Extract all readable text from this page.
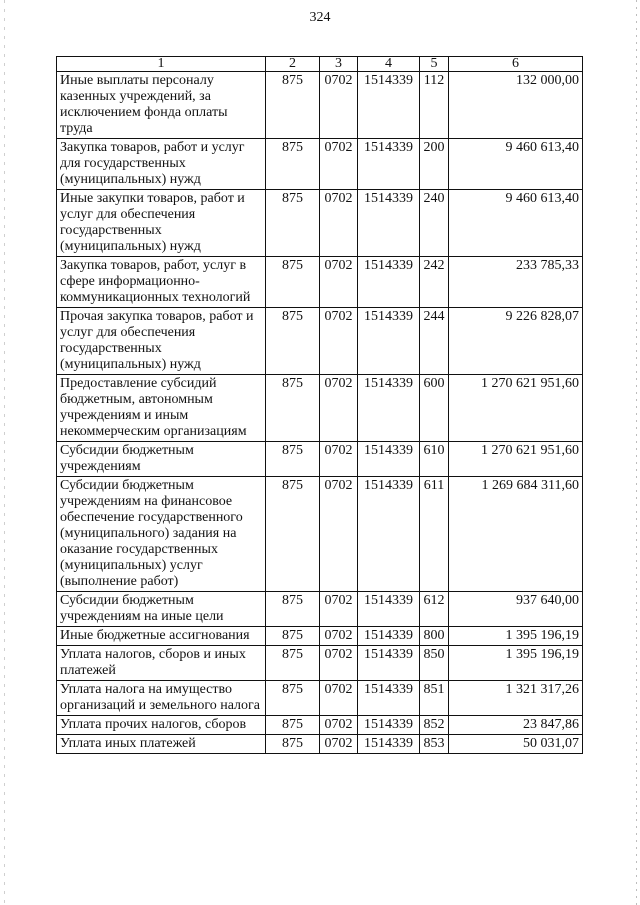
324
1	2	3	4	5	6
Иные выплаты персоналу казенных учреждений, за исключением фонда оплаты труда	875	0702	1514339	112	132 000,00
Закупка товаров, работ и услуг для государственных (муниципальных) нужд	875	0702	1514339	200	9 460 613,40
Иные закупки товаров, работ и услуг для обеспечения государственных (муниципальных) нужд	875	0702	1514339	240	9 460 613,40
Закупка товаров, работ, услуг в сфере информационно-коммуникационных технологий	875	0702	1514339	242	233 785,33
Прочая закупка товаров, работ и услуг для обеспечения государственных (муниципальных) нужд	875	0702	1514339	244	9 226 828,07
Предоставление субсидий бюджетным, автономным учреждениям и иным некоммерческим организациям	875	0702	1514339	600	1 270 621 951,60
Субсидии бюджетным учреждениям	875	0702	1514339	610	1 270 621 951,60
Субсидии бюджетным учреждениям на финансовое обеспечение государственного (муниципального) задания на оказание государственных (муниципальных) услуг (выполнение работ)	875	0702	1514339	611	1 269 684 311,60
Субсидии бюджетным учреждениям на иные цели	875	0702	1514339	612	937 640,00
Иные бюджетные ассигнования	875	0702	1514339	800	1 395 196,19
Уплата налогов, сборов и иных платежей	875	0702	1514339	850	1 395 196,19
Уплата налога на имущество организаций и земельного налога	875	0702	1514339	851	1 321 317,26
Уплата прочих налогов, сборов	875	0702	1514339	852	23 847,86
Уплата иных платежей	875	0702	1514339	853	50 031,07
